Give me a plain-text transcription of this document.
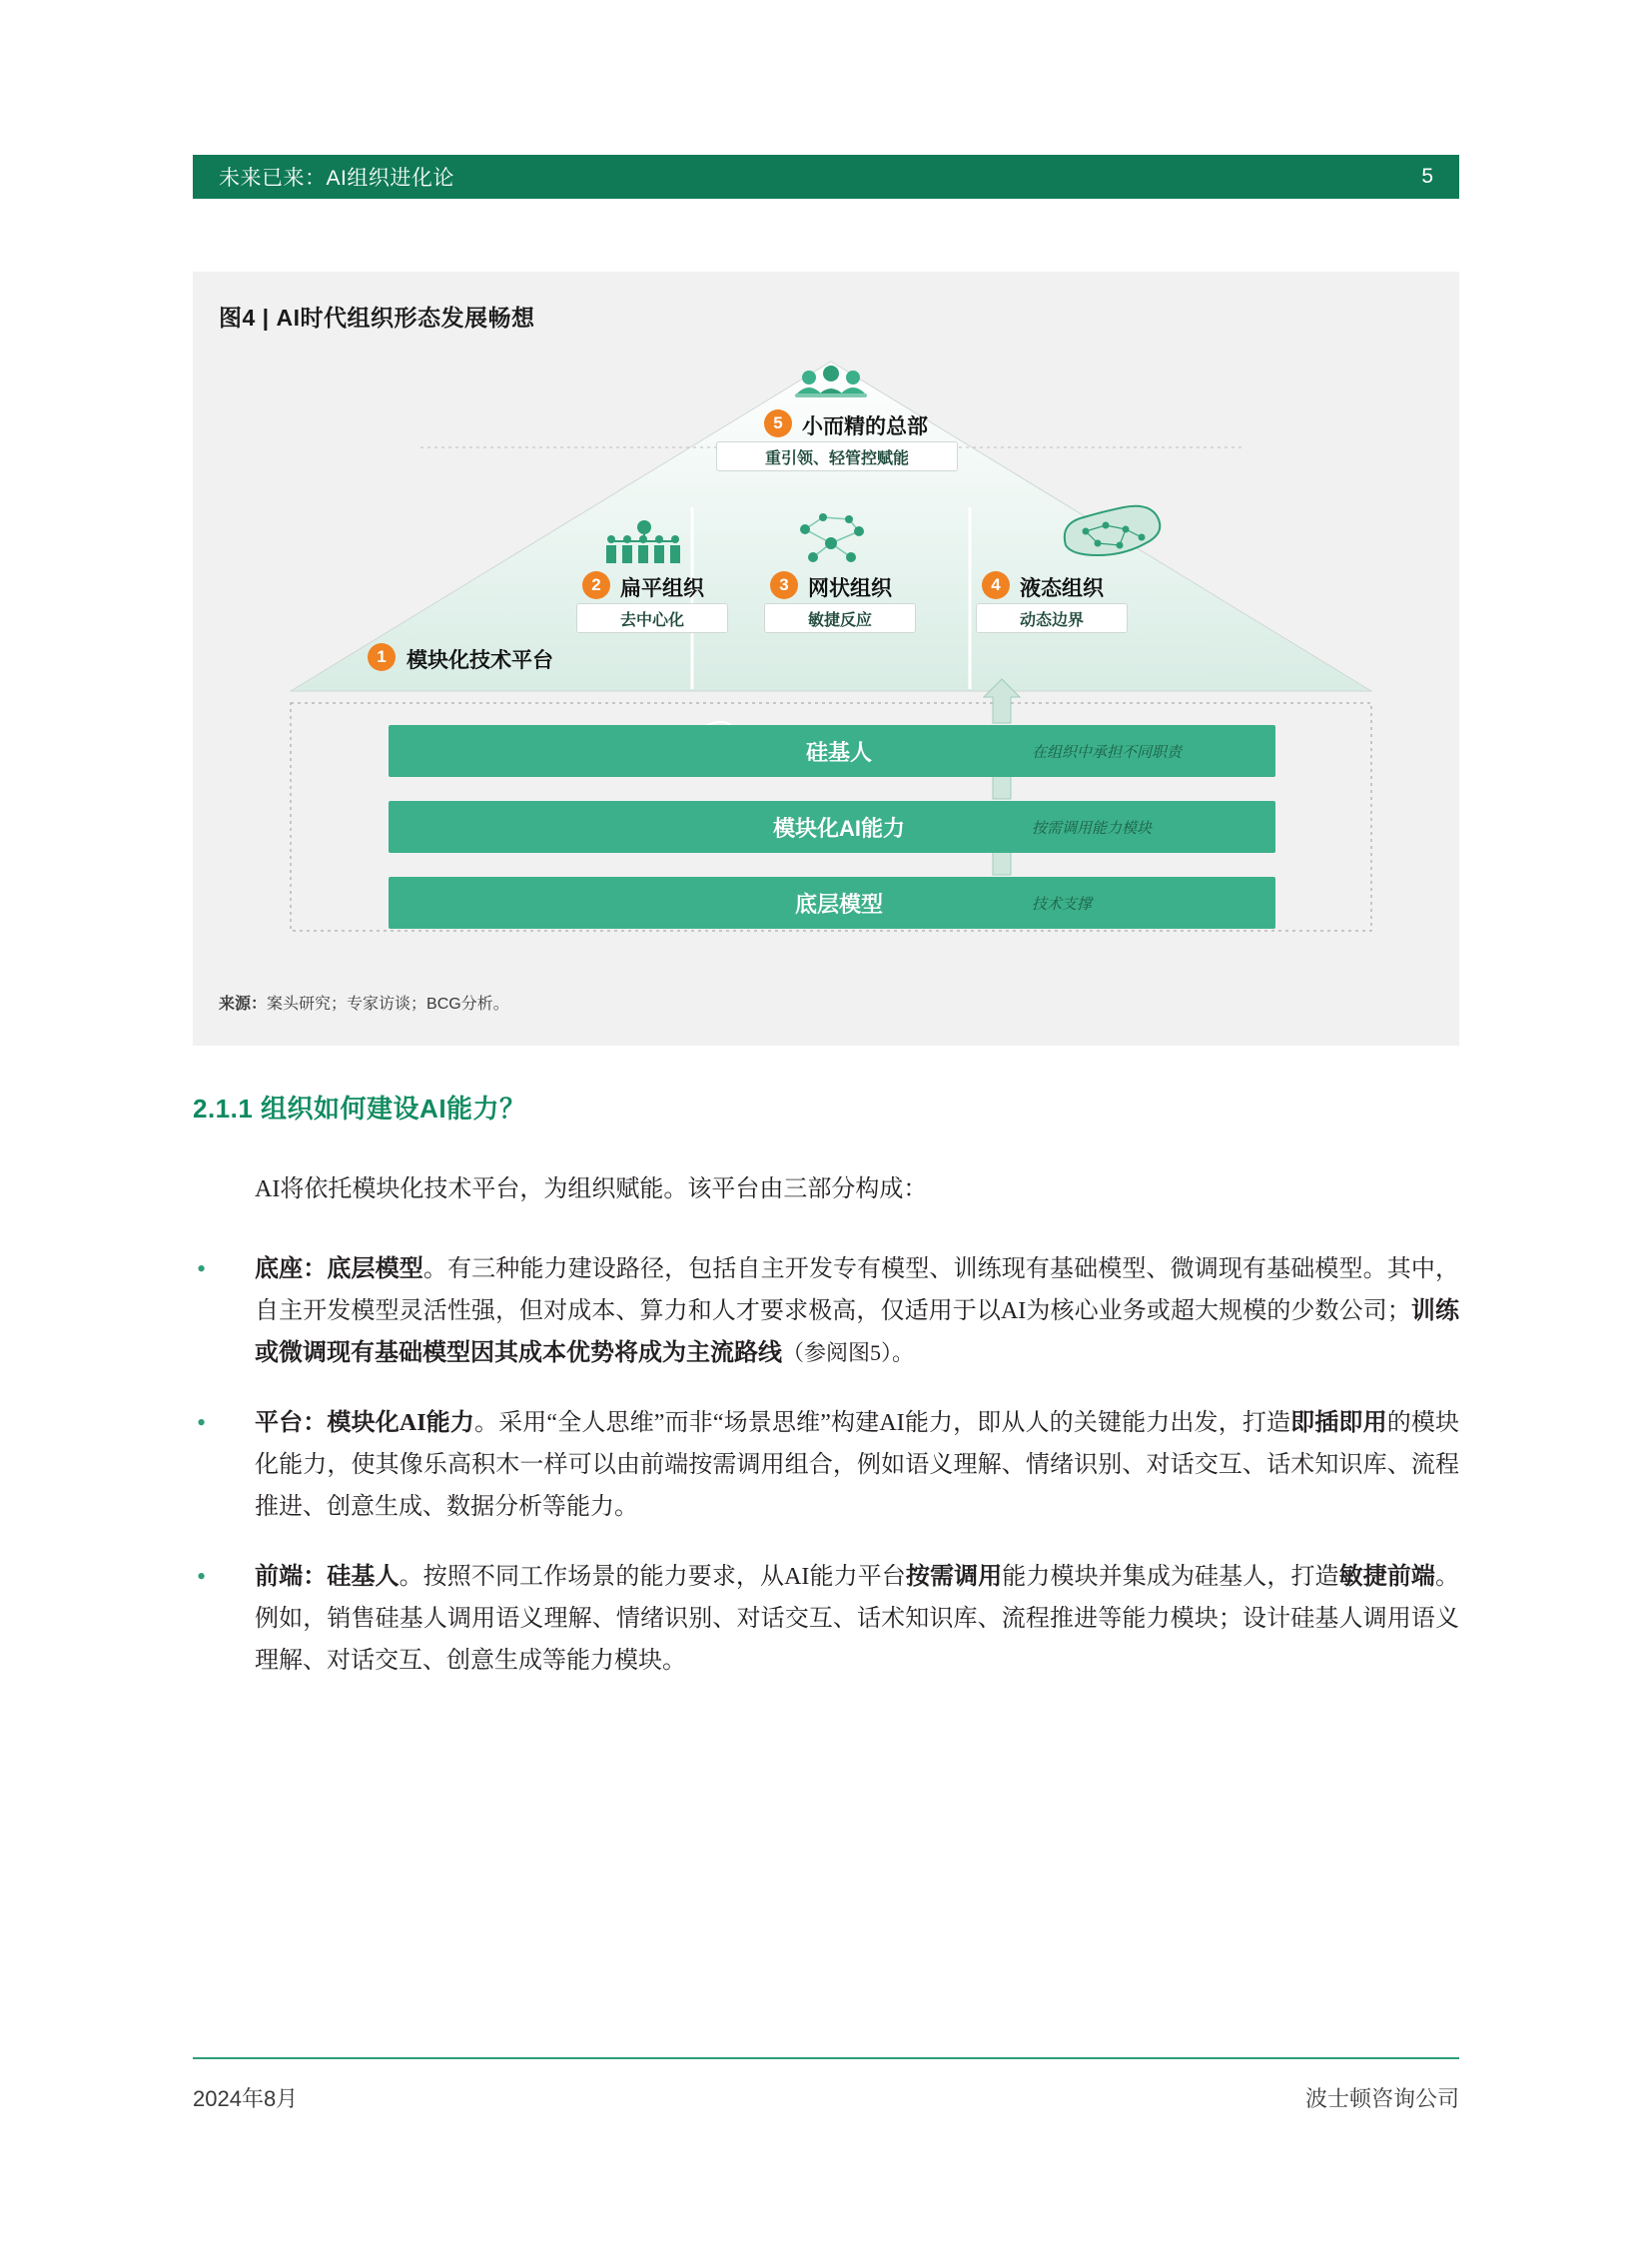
未来已来：AI组织进化论	5
图4 | AI时代组织形态发展畅想
5 小而精的总部
重引领、轻管控赋能
2 扁平组织
去中心化
3 网状组织
敏捷反应
4 液态组织
动态边界
1 模块化技术平台
硅基人	在组织中承担不同职责
模块化AI能力	按需调用能力模块
底层模型	技术支撑
来源：案头研究；专家访谈；BCG分析。
2.1.1 组织如何建设AI能力？
AI将依托模块化技术平台，为组织赋能。该平台由三部分构成：
•	底座：底层模型。有三种能力建设路径，包括自主开发专有模型、训练现有基础模型、微调现有基础模型。其中，自主开发模型灵活性强，但对成本、算力和人才要求极高，仅适用于以AI为核心业务或超大规模的少数公司；训练或微调现有基础模型因其成本优势将成为主流路线（参阅图5）。
•	平台：模块化AI能力。采用“全人思维”而非“场景思维”构建AI能力，即从人的关键能力出发，打造即插即用的模块化能力，使其像乐高积木一样可以由前端按需调用组合，例如语义理解、情绪识别、对话交互、话术知识库、流程推进、创意生成、数据分析等能力。
•	前端：硅基人。按照不同工作场景的能力要求，从AI能力平台按需调用能力模块并集成为硅基人，打造敏捷前端。例如，销售硅基人调用语义理解、情绪识别、对话交互、话术知识库、流程推进等能力模块；设计硅基人调用语义理解、对话交互、创意生成等能力模块。
2024年8月	波士顿咨询公司
